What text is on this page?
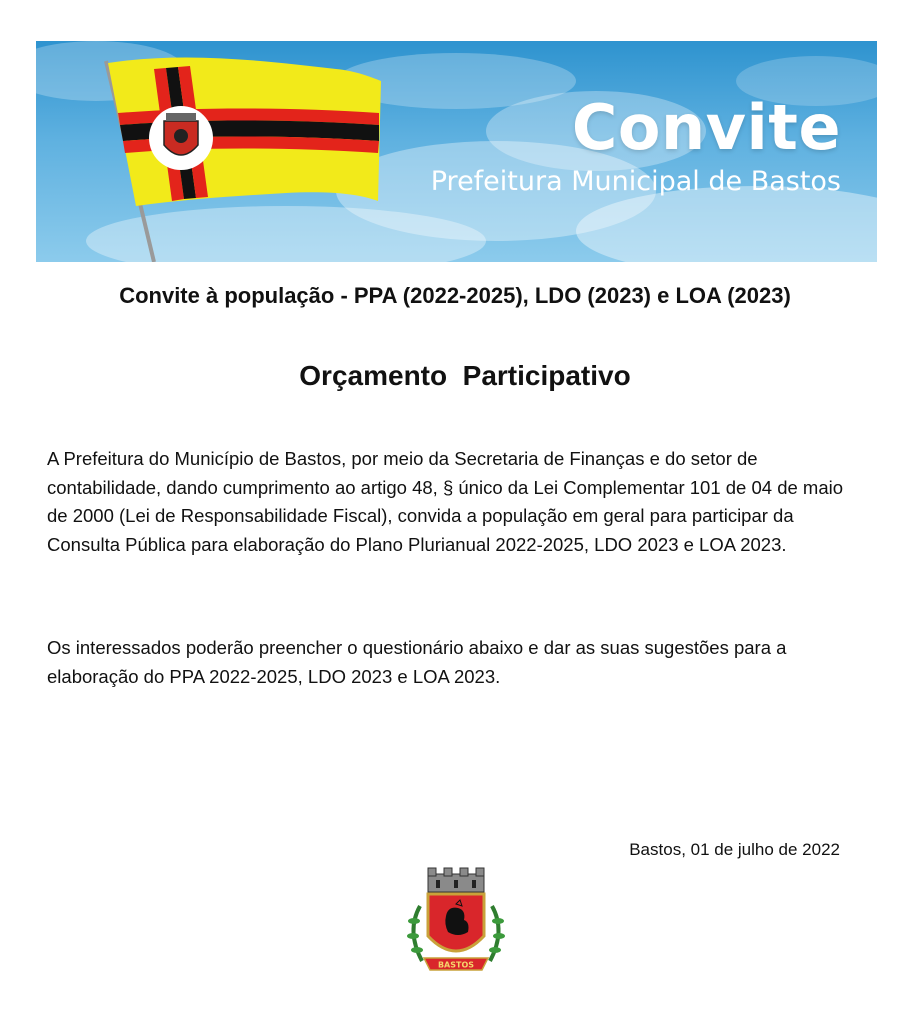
Convite
Prefeitura Municipal de Bastos
Convite à população - PPA (2022-2025), LDO (2023) e LOA (2023)
Orçamento  Participativo
A Prefeitura do Município de Bastos, por meio da Secretaria de Finanças e do setor de contabilidade, dando cumprimento ao artigo 48, § único da Lei Complementar 101 de 04 de maio de 2000 (Lei de Responsabilidade Fiscal), convida a população em geral para participar da Consulta Pública para elaboração do Plano Plurianual 2022-2025, LDO 2023 e LOA 2023.
Os interessados poderão preencher o questionário abaixo e dar as suas sugestões para a elaboração do PPA 2022-2025, LDO 2023 e LOA 2023.
Bastos, 01 de julho de 2022
BASTOS
